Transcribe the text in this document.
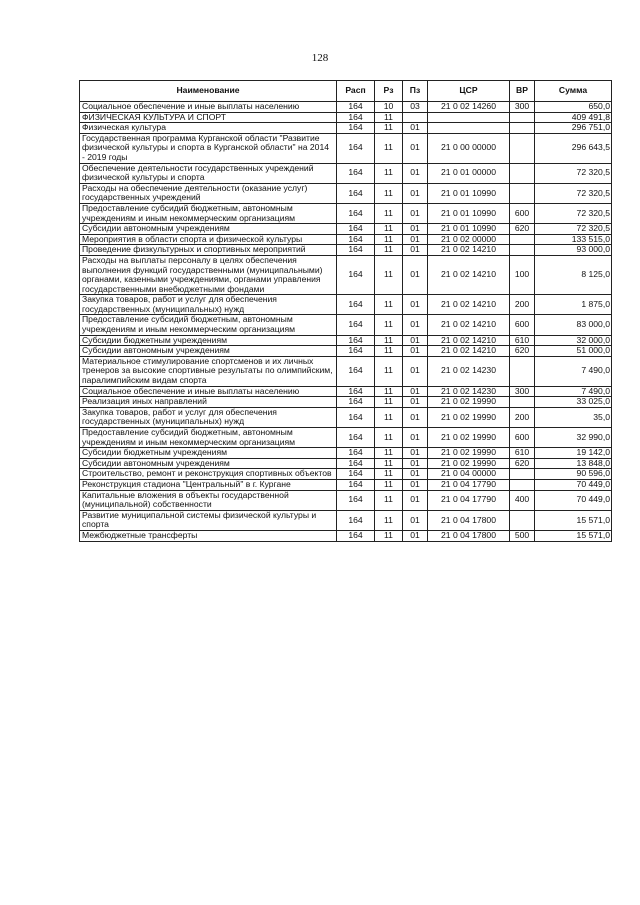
128
Наименование	Расп	Рз	Пз	ЦСР	ВР	Сумма
Социальное обеспечение и иные выплаты населению	164	10	03	21 0 02 14260	300	650,0
ФИЗИЧЕСКАЯ КУЛЬТУРА И СПОРТ	164	11				409 491,8
Физическая культура	164	11	01			296 751,0
Государственная программа Курганской области "Развитие физической культуры и спорта в Курганской области" на 2014 - 2019 годы	164	11	01	21 0 00 00000		296 643,5
Обеспечение деятельности государственных учреждений физической культуры и спорта	164	11	01	21 0 01 00000		72 320,5
Расходы на обеспечение деятельности (оказание услуг) государственных учреждений	164	11	01	21 0 01 10990		72 320,5
Предоставление субсидий бюджетным, автономным учреждениям и иным некоммерческим организациям	164	11	01	21 0 01 10990	600	72 320,5
Субсидии автономным учреждениям	164	11	01	21 0 01 10990	620	72 320,5
Мероприятия в области спорта и физической культуры	164	11	01	21 0 02 00000		133 515,0
Проведение физкультурных и спортивных мероприятий	164	11	01	21 0 02 14210		93 000,0
Расходы на выплаты персоналу в целях обеспечения выполнения функций государственными (муниципальными) органами, казенными учреждениями, органами управления государственными внебюджетными фондами	164	11	01	21 0 02 14210	100	8 125,0
Закупка товаров, работ и услуг для обеспечения государственных (муниципальных) нужд	164	11	01	21 0 02 14210	200	1 875,0
Предоставление субсидий бюджетным, автономным учреждениям и иным некоммерческим организациям	164	11	01	21 0 02 14210	600	83 000,0
Субсидии бюджетным учреждениям	164	11	01	21 0 02 14210	610	32 000,0
Субсидии автономным учреждениям	164	11	01	21 0 02 14210	620	51 000,0
Материальное стимулирование спортсменов и их личных тренеров за высокие спортивные результаты по олимпийским, паралимпийским видам спорта	164	11	01	21 0 02 14230		7 490,0
Социальное обеспечение и иные выплаты населению	164	11	01	21 0 02 14230	300	7 490,0
Реализация иных направлений	164	11	01	21 0 02 19990		33 025,0
Закупка товаров, работ и услуг для обеспечения государственных (муниципальных) нужд	164	11	01	21 0 02 19990	200	35,0
Предоставление субсидий бюджетным, автономным учреждениям и иным некоммерческим организациям	164	11	01	21 0 02 19990	600	32 990,0
Субсидии бюджетным учреждениям	164	11	01	21 0 02 19990	610	19 142,0
Субсидии автономным учреждениям	164	11	01	21 0 02 19990	620	13 848,0
Строительство, ремонт и реконструкция спортивных объектов	164	11	01	21 0 04 00000		90 596,0
Реконструкция стадиона "Центральный" в г. Кургане	164	11	01	21 0 04 17790		70 449,0
Капитальные вложения в объекты государственной (муниципальной) собственности	164	11	01	21 0 04 17790	400	70 449,0
Развитие муниципальной системы физической культуры и спорта	164	11	01	21 0 04 17800		15 571,0
Межбюджетные трансферты	164	11	01	21 0 04 17800	500	15 571,0
